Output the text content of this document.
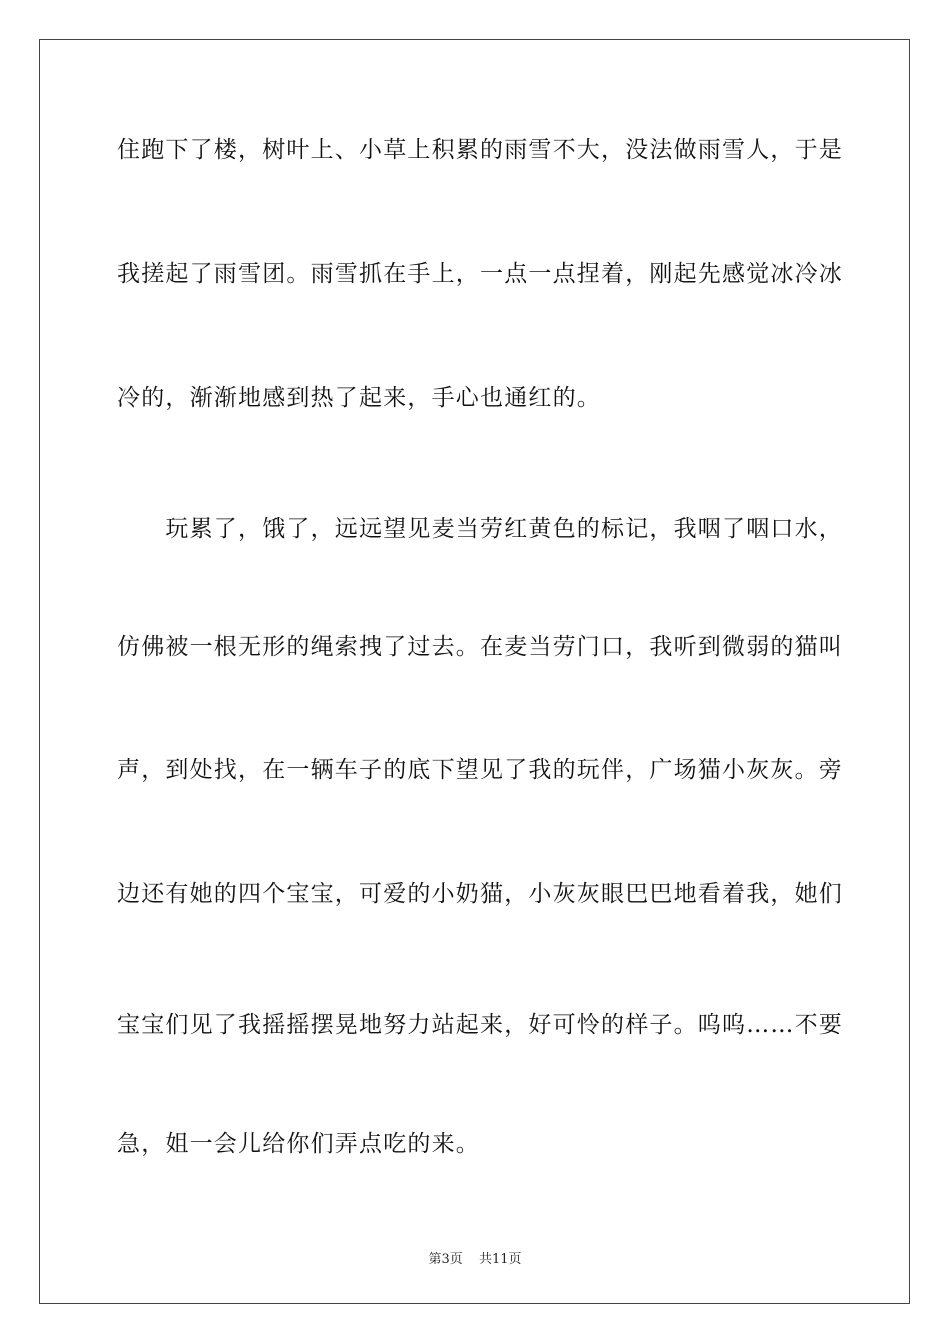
住跑下了楼，树叶上、小草上积累的雨雪不大，没法做雨雪人，于是
我搓起了雨雪团。雨雪抓在手上，一点一点捏着，刚起先感觉冰冷冰
冷的，渐渐地感到热了起来，手心也通红的。
　　玩累了，饿了，远远望见麦当劳红黄色的标记，我咽了咽口水，
仿佛被一根无形的绳索拽了过去。在麦当劳门口，我听到微弱的猫叫
声，到处找，在一辆车子的底下望见了我的玩伴，广场猫小灰灰。旁
边还有她的四个宝宝，可爱的小奶猫，小灰灰眼巴巴地看着我，她们
宝宝们见了我摇摇摆晃地努力站起来，好可怜的样子。呜呜……不要
急，姐一会儿给你们弄点吃的来。
第3页 共11页
